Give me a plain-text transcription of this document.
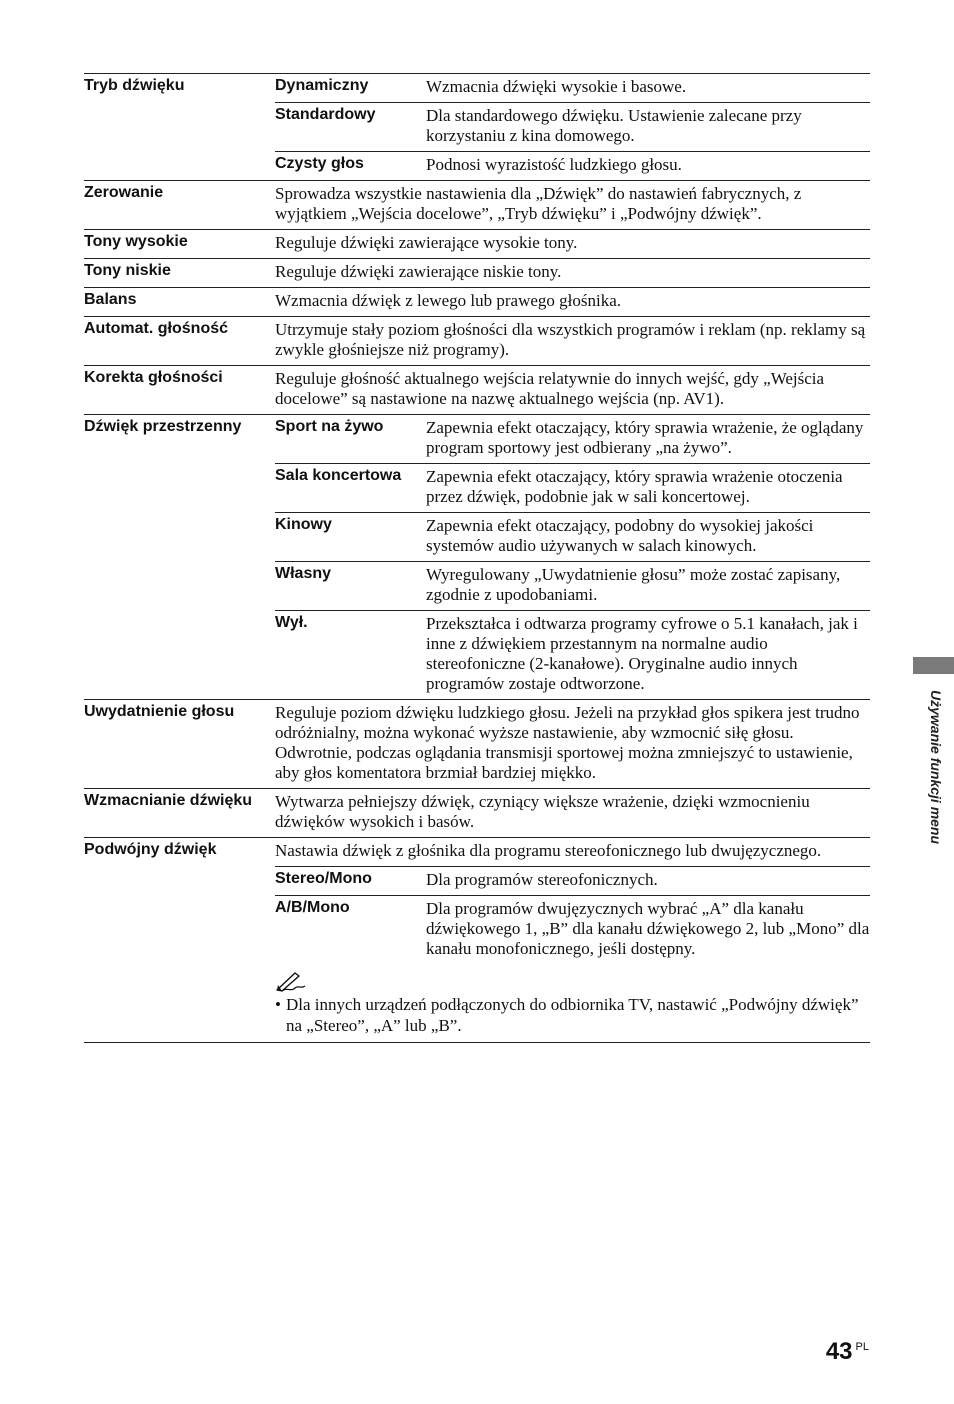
Tryb dźwięku	Dynamiczny	Wzmacnia dźwięki wysokie i basowe.
Standardowy	Dla standardowego dźwięku. Ustawienie zalecane przy korzystaniu z kina domowego.
Czysty głos	Podnosi wyrazistość ludzkiego głosu.
Zerowanie	Sprowadza wszystkie nastawienia dla „Dźwięk” do nastawień fabrycznych, z wyjątkiem „Wejścia docelowe”, „Tryb dźwięku” i „Podwójny dźwięk”.
Tony wysokie	Reguluje dźwięki zawierające wysokie tony.
Tony niskie	Reguluje dźwięki zawierające niskie tony.
Balans	Wzmacnia dźwięk z lewego lub prawego głośnika.
Automat. głośność	Utrzymuje stały poziom głośności dla wszystkich programów i reklam (np. reklamy są zwykle głośniejsze niż programy).
Korekta głośności	Reguluje głośność aktualnego wejścia relatywnie do innych wejść, gdy „Wejścia docelowe” są nastawione na nazwę aktualnego wejścia (np. AV1).
Dźwięk przestrzenny	Sport na żywo	Zapewnia efekt otaczający, który sprawia wrażenie, że oglądany program sportowy jest odbierany „na żywo”.
Sala koncertowa	Zapewnia efekt otaczający, który sprawia wrażenie otoczenia przez dźwięk, podobnie jak w sali koncertowej.
Kinowy	Zapewnia efekt otaczający, podobny do wysokiej jakości systemów audio używanych w salach kinowych.
Własny	Wyregulowany „Uwydatnienie głosu” może zostać zapisany, zgodnie z upodobaniami.
Wył.	Przekształca i odtwarza programy cyfrowe o 5.1 kanałach, jak i inne z dźwiękiem przestannym na normalne audio stereofoniczne (2-kanałowe). Oryginalne audio innych programów zostaje odtworzone.
Uwydatnienie głosu	Reguluje poziom dźwięku ludzkiego głosu. Jeżeli na przykład głos spikera jest trudno odróżnialny, można wykonać wyższe nastawienie, aby wzmocnić siłę głosu. Odwrotnie, podczas oglądania transmisji sportowej można zmniejszyć to ustawienie, aby głos komentatora brzmiał bardziej miękko.
Wzmacnianie dźwięku	Wytwarza pełniejszy dźwięk, czyniący większe wrażenie, dzięki wzmocnieniu dźwięków wysokich i basów.
Podwójny dźwięk	Nastawia dźwięk z głośnika dla programu stereofonicznego lub dwujęzycznego.
Stereo/Mono	Dla programów stereofonicznych.
A/B/Mono	Dla programów dwujęzycznych wybrać „A” dla kanału dźwiękowego 1, „B” dla kanału dźwiękowego 2, lub „Mono” dla kanału monofonicznego, jeśli dostępny.
• Dla innych urządzeń podłączonych do odbiornika TV, nastawić „Podwójny dźwięk” na „Stereo”, „A” lub „B”.
Używanie funkcji menu
43 $^{PL}$
